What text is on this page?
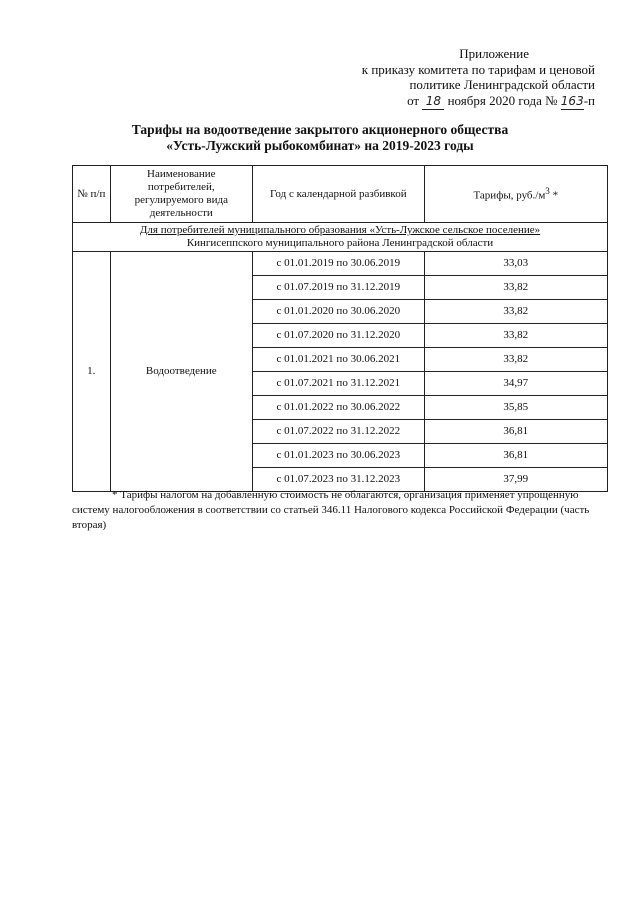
Приложение
к приказу комитета по тарифам и ценовой
политике Ленинградской области
от 18 ноября 2020 года № 163-п
Тарифы на водоотведение закрытого акционерного общества
«Усть-Лужский рыбокомбинат» на 2019-2023 годы
№ п/п	Наименование потребителей, регулируемого вида деятельности	Год с календарной разбивкой	Тарифы, $руб./м^3$ *
Для потребителей муниципального образования «Усть-Лужское сельское поселение»
Кингисеппского муниципального района Ленинградской области			
1.	Водоотведение	с 01.01.2019 по 30.06.2019	33,03
		с 01.07.2019 по 31.12.2019	33,82
		с 01.01.2020 по 30.06.2020	33,82
		с 01.07.2020 по 31.12.2020	33,82
		с 01.01.2021 по 30.06.2021	33,82
		с 01.07.2021 по 31.12.2021	34,97
		с 01.01.2022 по 30.06.2022	35,85
		с 01.07.2022 по 31.12.2022	36,81
		с 01.01.2023 по 30.06.2023	36,81
		с 01.07.2023 по 31.12.2023	37,99
* Тарифы налогом на добавленную стоимость не облагаются, организация применяет упрощенную систему налогообложения в соответствии со статьей 346.11 Налогового кодекса Российской Федерации (часть вторая)
